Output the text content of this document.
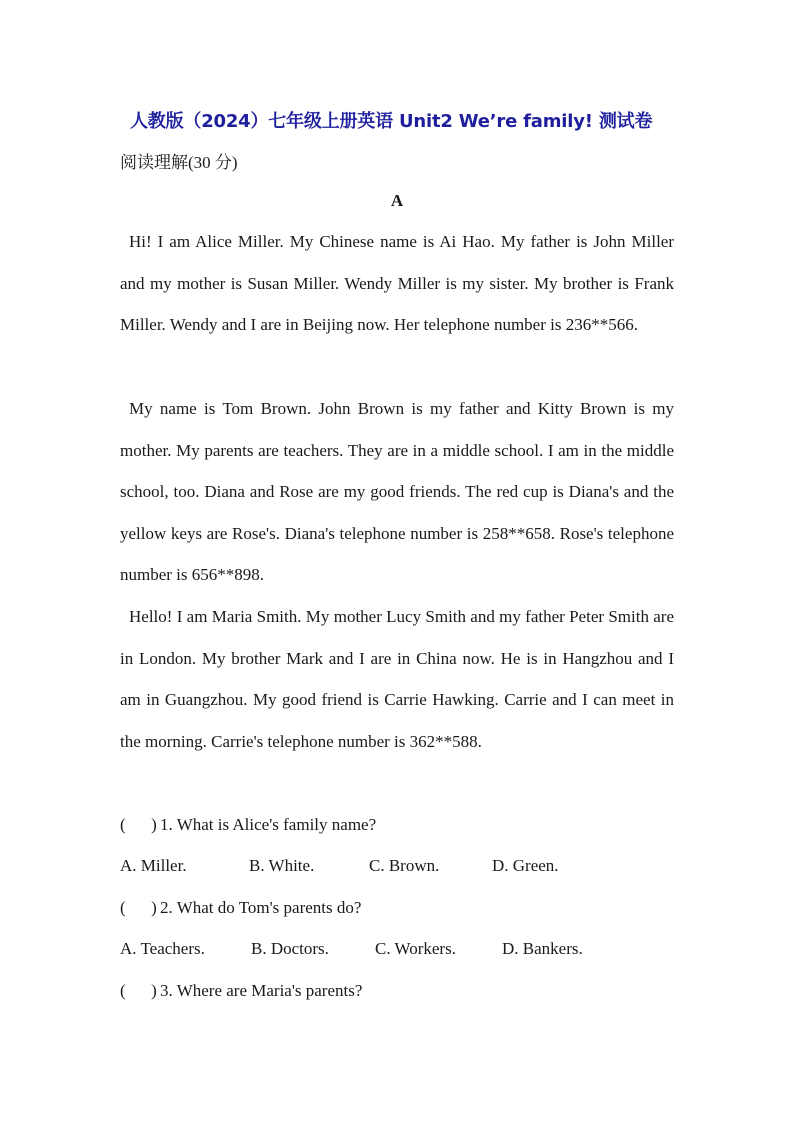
人教版（2024）七年级上册英语 Unit2 We’re family! 测试卷
阅读理解(30 分)
A

Hi! I am Alice Miller. My Chinese name is Ai Hao. My father is John Miller and my mother is Susan Miller. Wendy Miller is my sister. My brother is Frank Miller. Wendy and I are in Beijing now. Her telephone number is 236**566.

My name is Tom Brown. John Brown is my father and Kitty Brown is my mother. My parents are teachers. They are in a middle school. I am in the middle school, too. Diana and Rose are my good friends. The red cup is Diana's and the yellow keys are Rose's. Diana's telephone number is 258**658. Rose's telephone number is 656**898.

Hello! I am Maria Smith. My mother Lucy Smith and my father Peter Smith are in London. My brother Mark and I are in China now. He is in Hangzhou and I am in Guangzhou. My good friend is Carrie Hawking. Carrie and I can meet in the morning. Carrie's telephone number is 362**588.

(      ) 1. What is Alice's family name?
A. Miller.	B. White.	C. Brown.	D. Green.
(      ) 2. What do Tom's parents do?
A. Teachers.	B. Doctors.	C. Workers.	D. Bankers.
(      ) 3. Where are Maria's parents?
